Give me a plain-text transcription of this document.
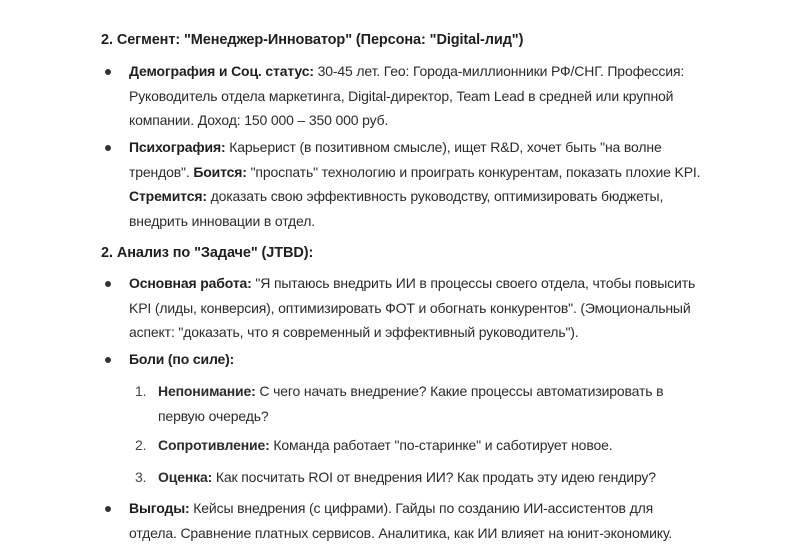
2. Сегмент: "Менеджер-Инноватор" (Персона: "Digital-лид")
Демография и Соц. статус: 30-45 лет. Гео: Города-миллионники РФ/СНГ. Профессия: Руководитель отдела маркетинга, Digital-директор, Team Lead в средней или крупной компании. Доход: 150 000 – 350 000 руб.
Психография: Карьерист (в позитивном смысле), ищет R&D, хочет быть "на волне трендов". Боится: "проспать" технологию и проиграть конкурентам, показать плохие KPI. Стремится: доказать свою эффективность руководству, оптимизировать бюджеты, внедрить инновации в отдел.
2. Анализ по "Задаче" (JTBD):
Основная работа: "Я пытаюсь внедрить ИИ в процессы своего отдела, чтобы повысить KPI (лиды, конверсия), оптимизировать ФОТ и обогнать конкурентов". (Эмоциональный аспект: "доказать, что я современный и эффективный руководитель").
Боли (по силе):
1. Непонимание: С чего начать внедрение? Какие процессы автоматизировать в первую очередь?
2. Сопротивление: Команда работает "по-старинке" и саботирует новое.
3. Оценка: Как посчитать ROI от внедрения ИИ? Как продать эту идею гендиру?
Выгоды: Кейсы внедрения (с цифрами). Гайды по созданию ИИ-ассистентов для отдела. Сравнение платных сервисов. Аналитика, как ИИ влияет на юнит-экономику.
